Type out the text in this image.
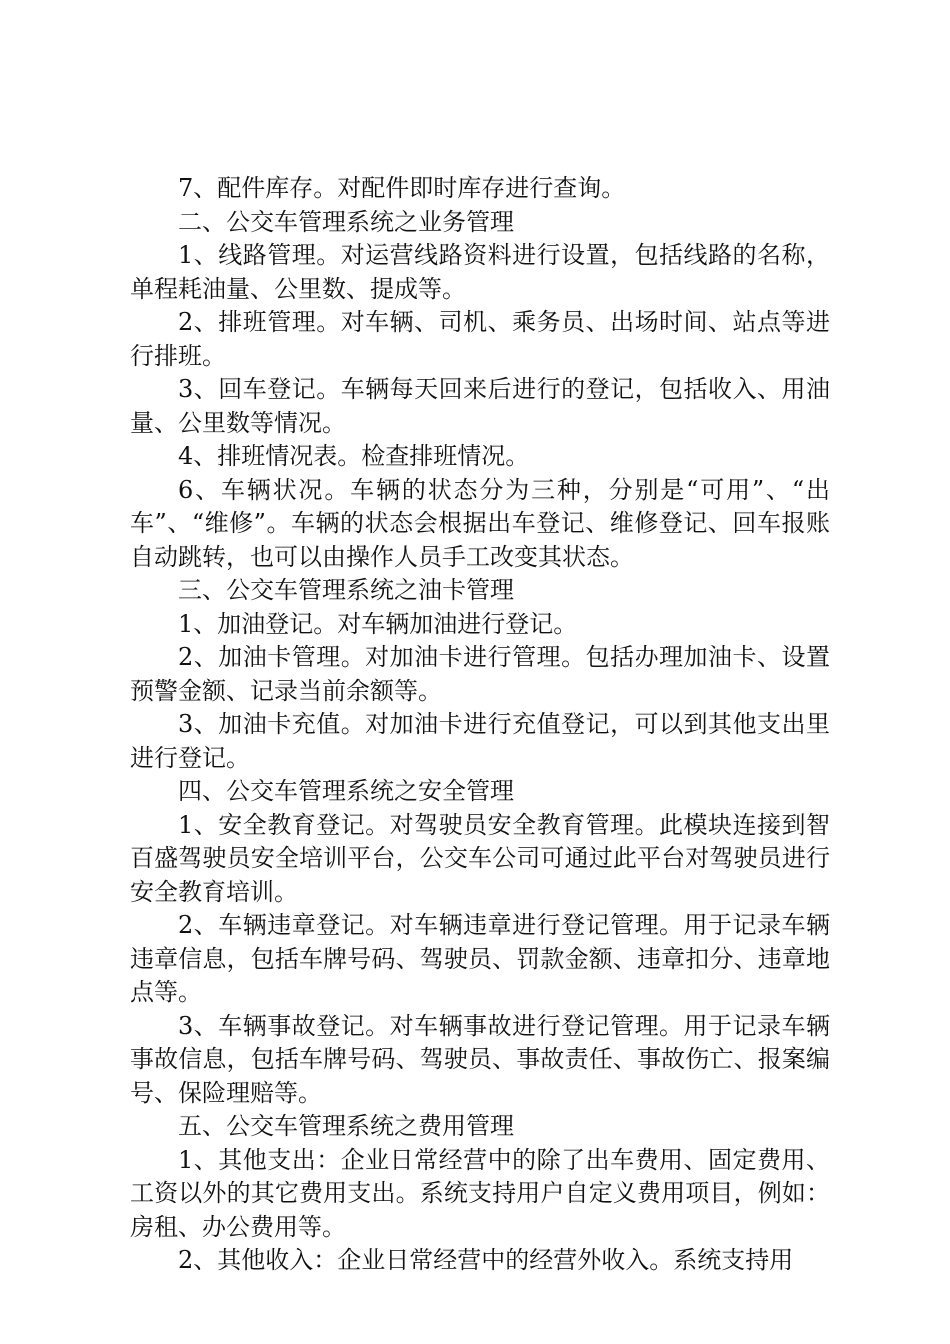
7、配件库存。对配件即时库存进行查询。

二、公交车管理系统之业务管理

1、线路管理。对运营线路资料进行设置，包括线路的名称，单程耗油量、公里数、提成等。

2、排班管理。对车辆、司机、乘务员、出场时间、站点等进行排班。

3、回车登记。车辆每天回来后进行的登记，包括收入、用油量、公里数等情况。

4、排班情况表。检查排班情况。

6、车辆状况。车辆的状态分为三种，分别是“可用”、“出车”、“维修”。车辆的状态会根据出车登记、维修登记、回车报账自动跳转，也可以由操作人员手工改变其状态。

三、公交车管理系统之油卡管理

1、加油登记。对车辆加油进行登记。

2、加油卡管理。对加油卡进行管理。包括办理加油卡、设置预警金额、记录当前余额等。

3、加油卡充值。对加油卡进行充值登记，可以到其他支出里进行登记。

四、公交车管理系统之安全管理

1、安全教育登记。对驾驶员安全教育管理。此模块连接到智百盛驾驶员安全培训平台，公交车公司可通过此平台对驾驶员进行安全教育培训。

2、车辆违章登记。对车辆违章进行登记管理。用于记录车辆违章信息，包括车牌号码、驾驶员、罚款金额、违章扣分、违章地点等。

3、车辆事故登记。对车辆事故进行登记管理。用于记录车辆事故信息，包括车牌号码、驾驶员、事故责任、事故伤亡、报案编号、保险理赔等。

五、公交车管理系统之费用管理

1、其他支出：企业日常经营中的除了出车费用、固定费用、工资以外的其它费用支出。系统支持用户自定义费用项目，例如：房租、办公费用等。

2、其他收入：企业日常经营中的经营外收入。系统支持用
